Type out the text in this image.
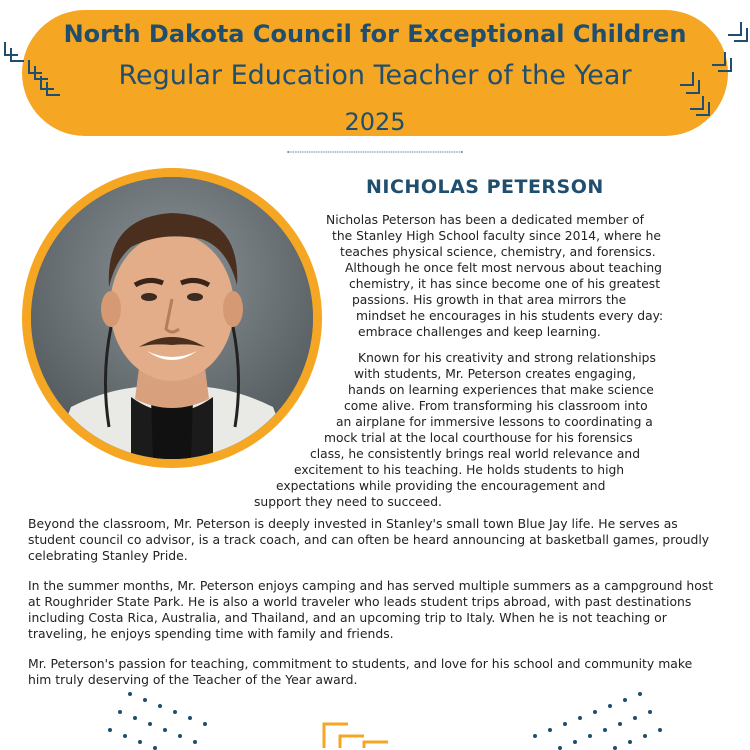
North Dakota Council for Exceptional Children
Regular Education Teacher of the Year
2025
NICHOLAS PETERSON
Nicholas Peterson has been a dedicated member of
the Stanley High School faculty since 2014, where he
teaches physical science, chemistry, and forensics.
Although he once felt most nervous about teaching
chemistry, it has since become one of his greatest
passions. His growth in that area mirrors the
mindset he encourages in his students every day:
embrace challenges and keep learning.
Known for his creativity and strong relationships
with students, Mr. Peterson creates engaging,
hands on learning experiences that make science
come alive. From transforming his classroom into
an airplane for immersive lessons to coordinating a
mock trial at the local courthouse for his forensics
class, he consistently brings real world relevance and
excitement to his teaching. He holds students to high
expectations while providing the encouragement and
support they need to succeed.
Beyond the classroom, Mr. Peterson is deeply invested in Stanley's small town Blue Jay life. He serves as student council co advisor, is a track coach, and can often be heard announcing at basketball games, proudly celebrating Stanley Pride.
In the summer months, Mr. Peterson enjoys camping and has served multiple summers as a campground host at Roughrider State Park. He is also a world traveler who leads student trips abroad, with past destinations including Costa Rica, Australia, and Thailand, and an upcoming trip to Italy. When he is not teaching or traveling, he enjoys spending time with family and friends.
Mr. Peterson's passion for teaching, commitment to students, and love for his school and community make him truly deserving of the Teacher of the Year award.
